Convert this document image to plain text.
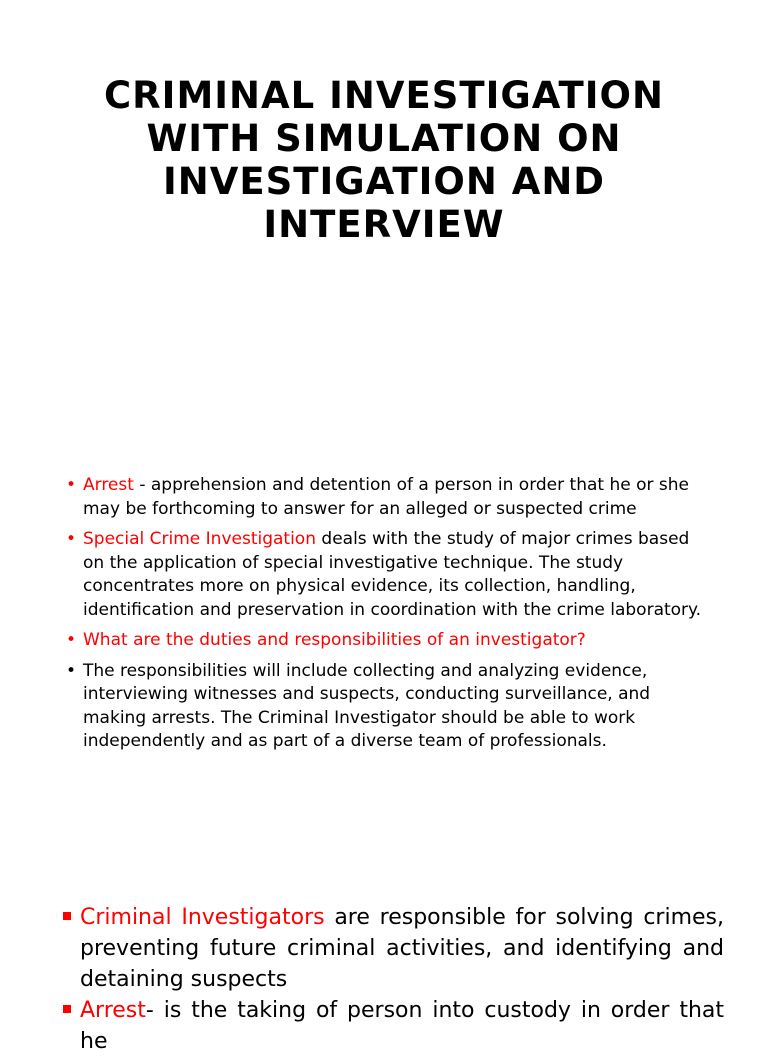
CRIMINAL INVESTIGATION WITH SIMULATION ON INVESTIGATION AND INTERVIEW
• Arrest - apprehension and detention of a person in order that he or she may be forthcoming to answer for an alleged or suspected crime
• Special Crime Investigation deals with the study of major crimes based on the application of special investigative technique. The study concentrates more on physical evidence, its collection, handling, identification and preservation in coordination with the crime laboratory.
• What are the duties and responsibilities of an investigator?
• The responsibilities will include collecting and analyzing evidence, interviewing witnesses and suspects, conducting surveillance, and making arrests. The Criminal Investigator should be able to work independently and as part of a diverse team of professionals.
Criminal Investigators are responsible for solving crimes, preventing future criminal activities, and identifying and detaining suspects
Arrest- is the taking of person into custody in order that he
